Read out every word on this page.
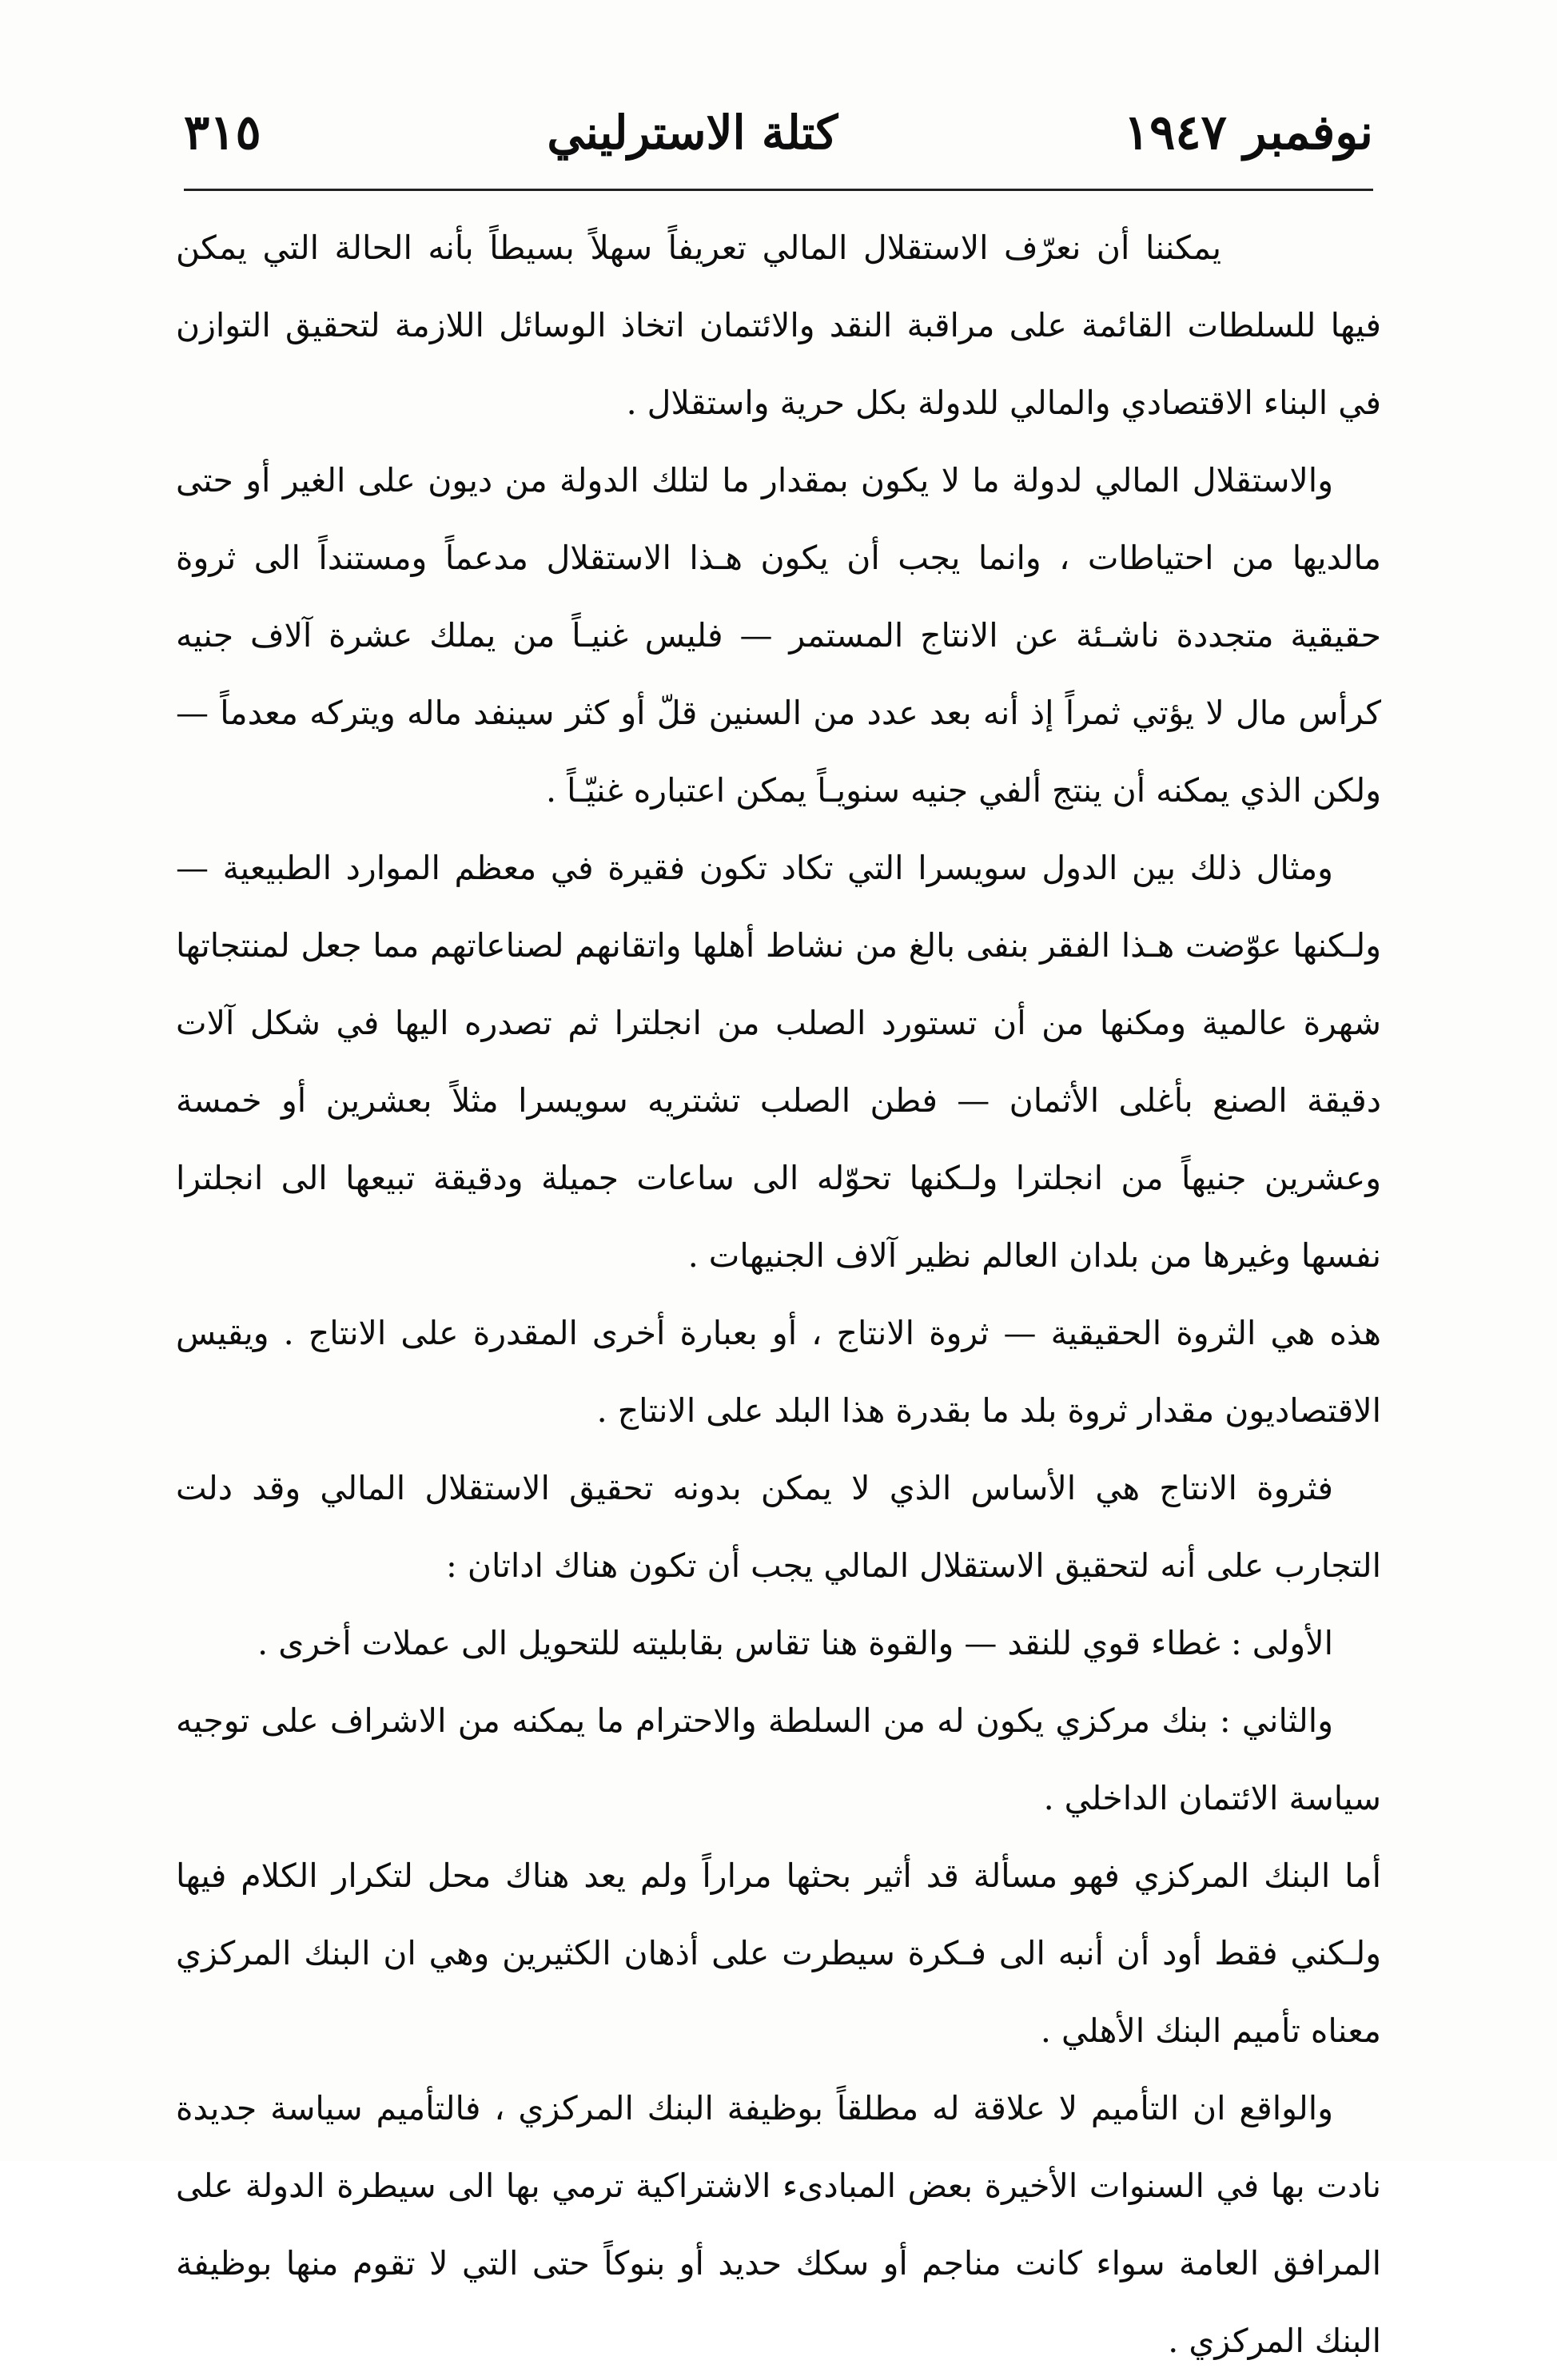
نوفمبر ١٩٤٧
كتلة الاسترليني
٣١٥

يمكننا أن نعرّف الاستقلال المالي تعريفاً سهلاً بسيطاً بأنه الحالة التي يمكن فيها للسلطات القائمة على مراقبة النقد والائتمان اتخاذ الوسائل اللازمة لتحقيق التوازن في البناء الاقتصادي والمالي للدولة بكل حرية واستقلال .

والاستقلال المالي لدولة ما لا يكون بمقدار ما لتلك الدولة من ديون على الغير أو حتى مالديها من احتياطات ، وانما يجب أن يكون هـذا الاستقلال مدعماً ومستنداً الى ثروة حقيقية متجددة ناشـئة عن الانتاج المستمر — فليس غنيـاً من يملك عشرة آلاف جنيه كرأس مال لا يؤتي ثمراً إذ أنه بعد عدد من السنين قلّ أو كثر سينفد ماله ويتركه معدماً — ولكن الذي يمكنه أن ينتج ألفي جنيه سنويـاً يمكن اعتباره غنيّـاً .

ومثال ذلك بين الدول سويسرا التي تكاد تكون فقيرة في معظم الموارد الطبيعية — ولـكنها عوّضت هـذا الفقر بنفى بالغ من نشاط أهلها واتقانهم لصناعاتهم مما جعل لمنتجاتها شهرة عالمية ومكنها من أن تستورد الصلب من انجلترا ثم تصدره اليها في شكل آلات دقيقة الصنع بأغلى الأثمان — فطن الصلب تشتريه سويسرا مثلاً بعشرين أو خمسة وعشرين جنيهاً من انجلترا ولـكنها تحوّله الى ساعات جميلة ودقيقة تبيعها الى انجلترا نفسها وغيرها من بلدان العالم نظير آلاف الجنيهات .

هذه هي الثروة الحقيقية — ثروة الانتاج ، أو بعبارة أخرى المقدرة على الانتاج . ويقيس الاقتصاديون مقدار ثروة بلد ما بقدرة هذا البلد على الانتاج .

فثروة الانتاج هي الأساس الذي لا يمكن بدونه تحقيق الاستقلال المالي وقد دلت التجارب على أنه لتحقيق الاستقلال المالي يجب أن تكون هناك اداتان :

الأولى : غطاء قوي للنقد — والقوة هنا تقاس بقابليته للتحويل الى عملات أخرى .

والثاني : بنك مركزي يكون له من السلطة والاحترام ما يمكنه من الاشراف على توجيه سياسة الائتمان الداخلي .

أما البنك المركزي فهو مسألة قد أثير بحثها مراراً ولم يعد هناك محل لتكرار الكلام فيها ولـكني فقط أود أن أنبه الى فـكرة سيطرت على أذهان الكثيرين وهي ان البنك المركزي معناه تأميم البنك الأهلي .

والواقع ان التأميم لا علاقة له مطلقاً بوظيفة البنك المركزي ، فالتأميم سياسة جديدة نادت بها في السنوات الأخيرة بعض المبادىء الاشتراكية ترمي بها الى سيطرة الدولة على المرافق العامة سواء كانت مناجم أو سكك حديد أو بنوكاً حتى التي لا تقوم منها بوظيفة البنك المركزي .
